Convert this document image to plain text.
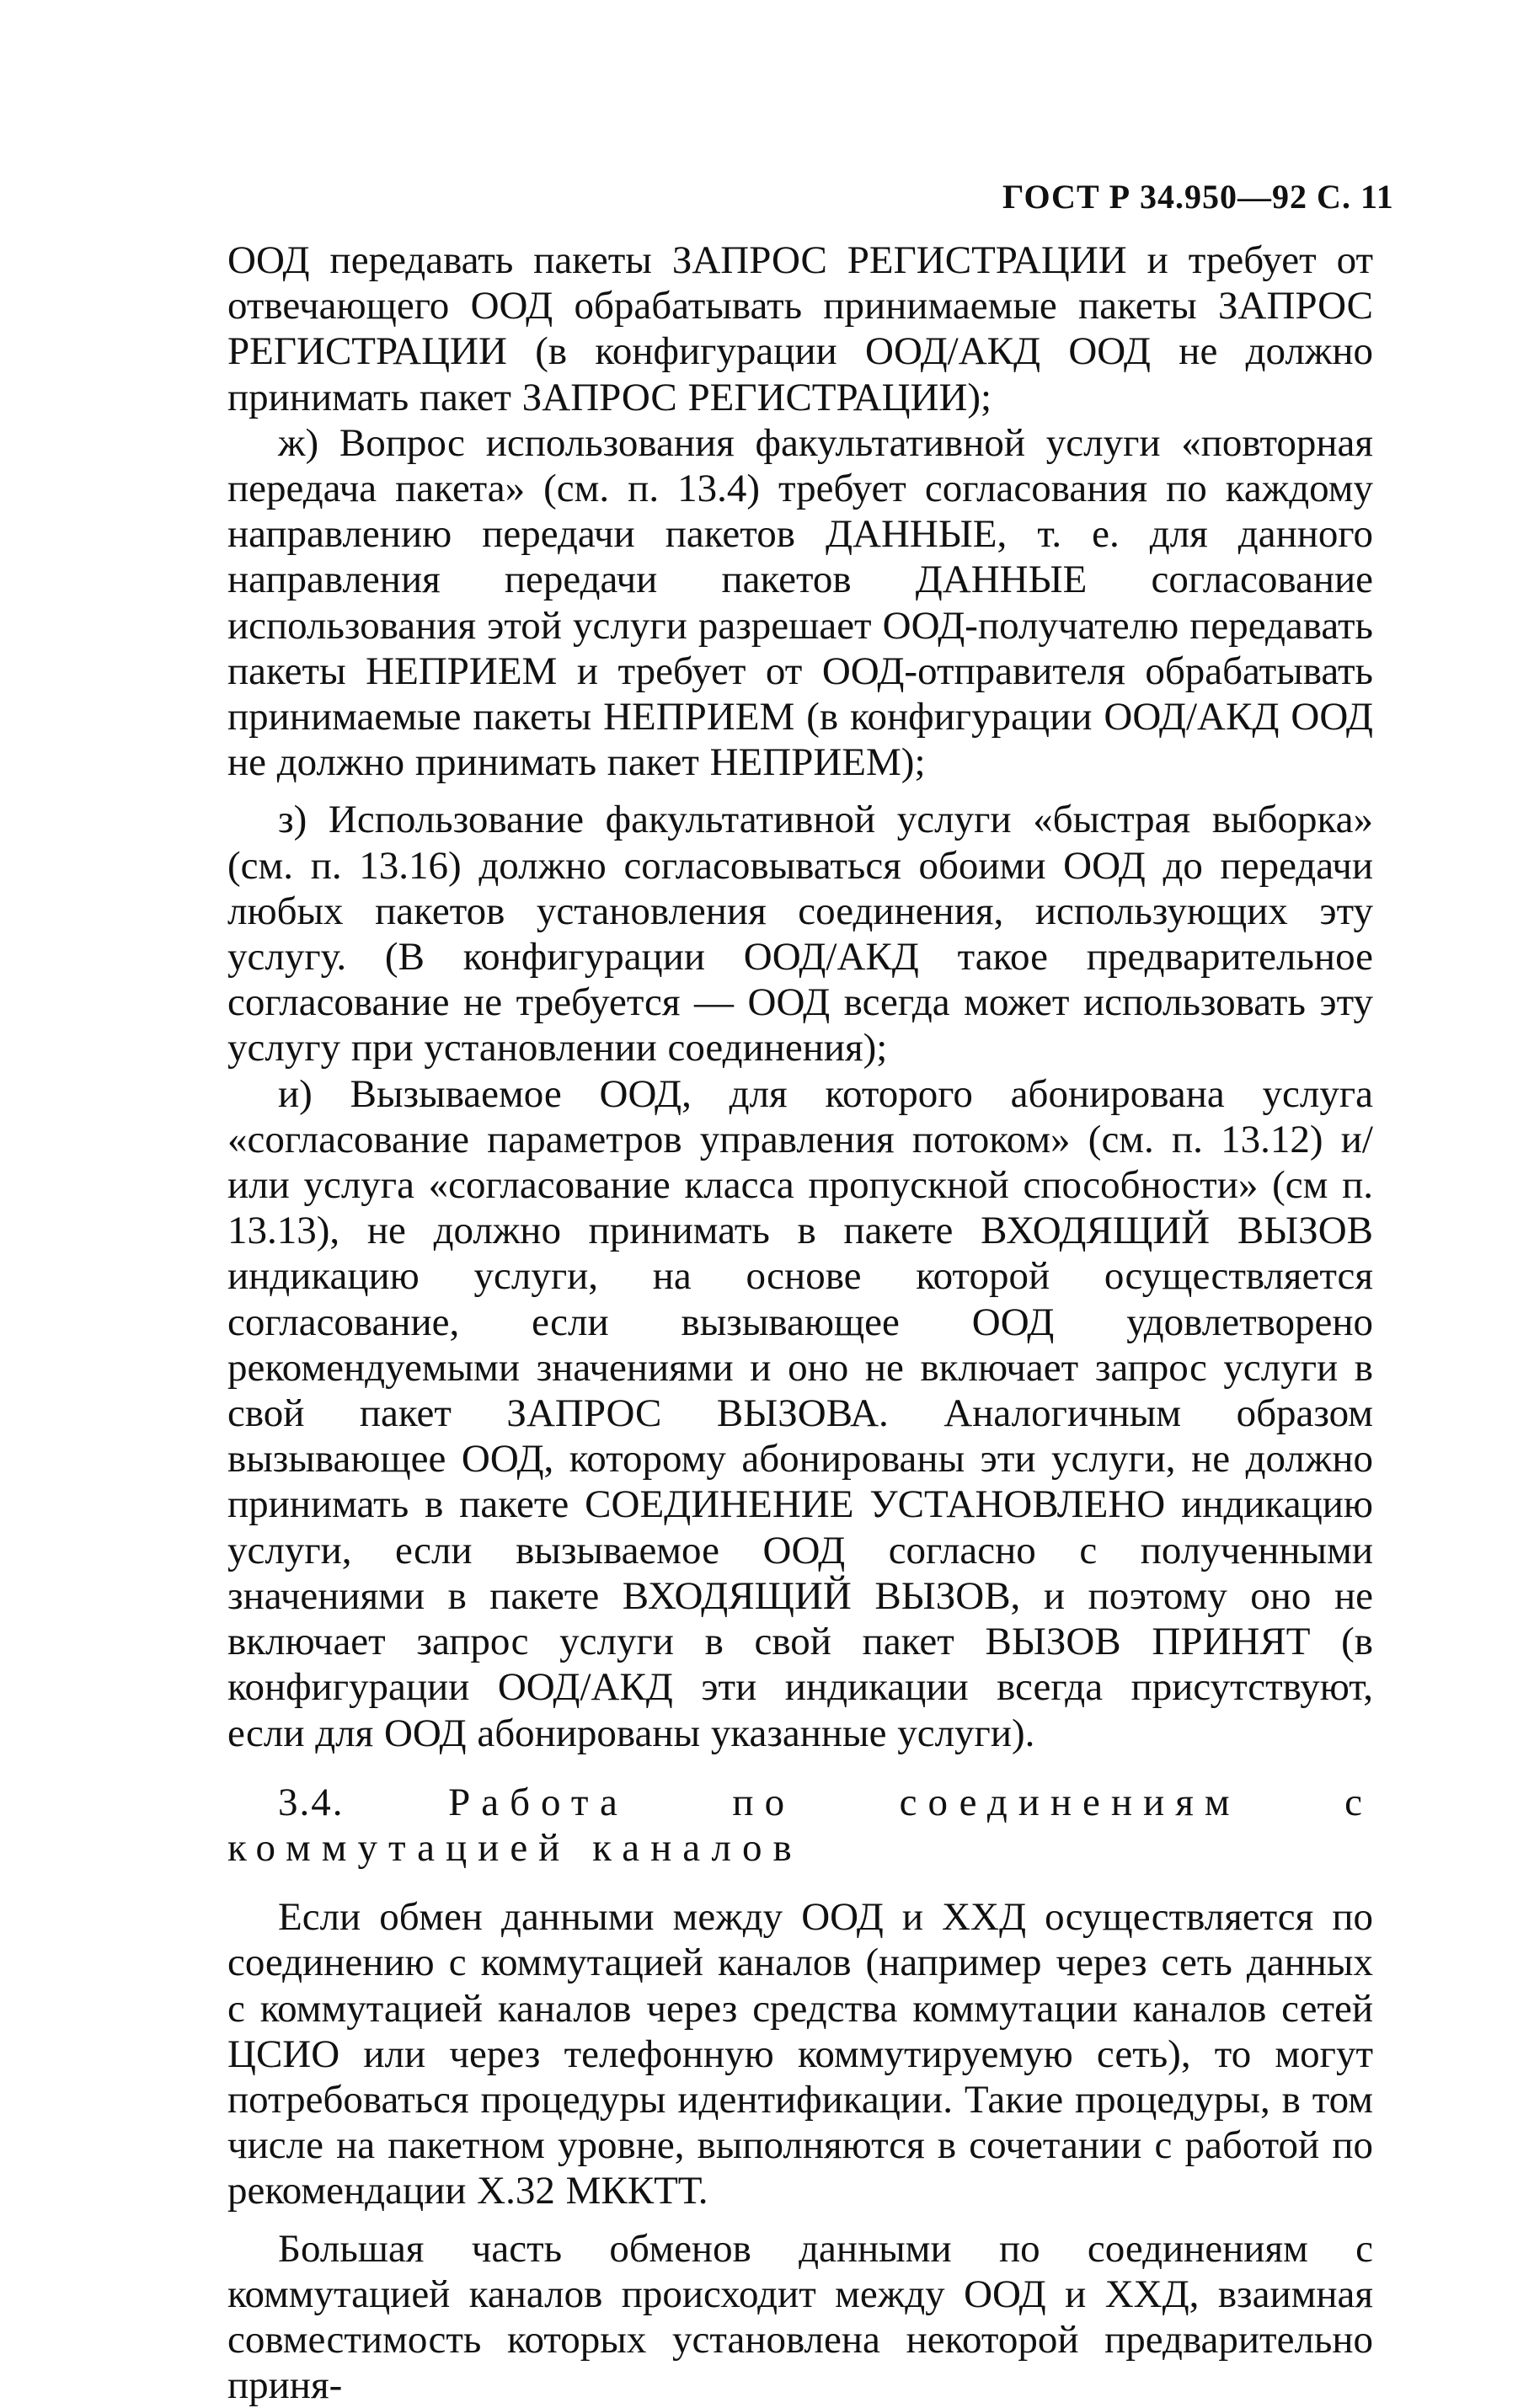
ГОСТ Р 34.950—92 С. 11

ООД передавать пакеты ЗАПРОС РЕГИСТРАЦИИ и требует от отвечающего ООД обрабатывать принимаемые пакеты ЗАПРОС РЕГИСТРАЦИИ (в конфигурации ООД/АКД ООД не должно принимать пакет ЗАПРОС РЕГИСТРАЦИИ);

ж) Вопрос использования факультативной услуги «повторная передача пакета» (см. п. 13.4) требует согласования по каждому направлению передачи пакетов ДАННЫЕ, т. е. для данного направления передачи пакетов ДАННЫЕ согласование использования этой услуги разрешает ООД-получателю передавать пакеты НЕПРИЕМ и требует от ООД-отправителя обрабатывать принимаемые пакеты НЕПРИЕМ (в конфигурации ООД/АКД ООД не должно принимать пакет НЕПРИЕМ);

з) Использование факультативной услуги «быстрая выборка» (см. п. 13.16) должно согласовываться обоими ООД до передачи любых пакетов установления соединения, использующих эту услугу. (В конфигурации ООД/АКД такое предварительное согласование не требуется — ООД всегда может использовать эту услугу при установлении соединения);

и) Вызываемое ООД, для которого абонирована услуга «согласование параметров управления потоком» (см. п. 13.12) и/или услуга «согласование класса пропускной способности» (см п. 13.13), не должно принимать в пакете ВХОДЯЩИЙ ВЫЗОВ индикацию услуги, на основе которой осуществляется согласование, если вызывающее ООД удовлетворено рекомендуемыми значениями и оно не включает запрос услуги в свой пакет ЗАПРОС ВЫЗОВА. Аналогичным образом вызывающее ООД, которому абонированы эти услуги, не должно принимать в пакете СОЕДИНЕНИЕ УСТАНОВЛЕНО индикацию услуги, если вызываемое ООД согласно с полученными значениями в пакете ВХОДЯЩИЙ ВЫЗОВ, и поэтому оно не включает запрос услуги в свой пакет ВЫЗОВ ПРИНЯТ (в конфигурации ООД/АКД эти индикации всегда присутствуют, если для ООД абонированы указанные услуги).

3.4.	Работа по соединениям с коммутацией каналов

Если обмен данными между ООД и ХХД осуществляется по соединению с коммутацией каналов (например через сеть данных с коммутацией каналов через средства коммутации каналов сетей ЦСИО или через телефонную коммутируемую сеть), то могут потребоваться процедуры идентификации. Такие процедуры, в том числе на пакетном уровне, выполняются в сочетании с работой по рекомендации X.32 МККТТ.

Большая часть обменов данными по соединениям с коммутацией каналов происходит между ООД и ХХД, взаимная совместимость которых установлена некоторой предварительно приня-
